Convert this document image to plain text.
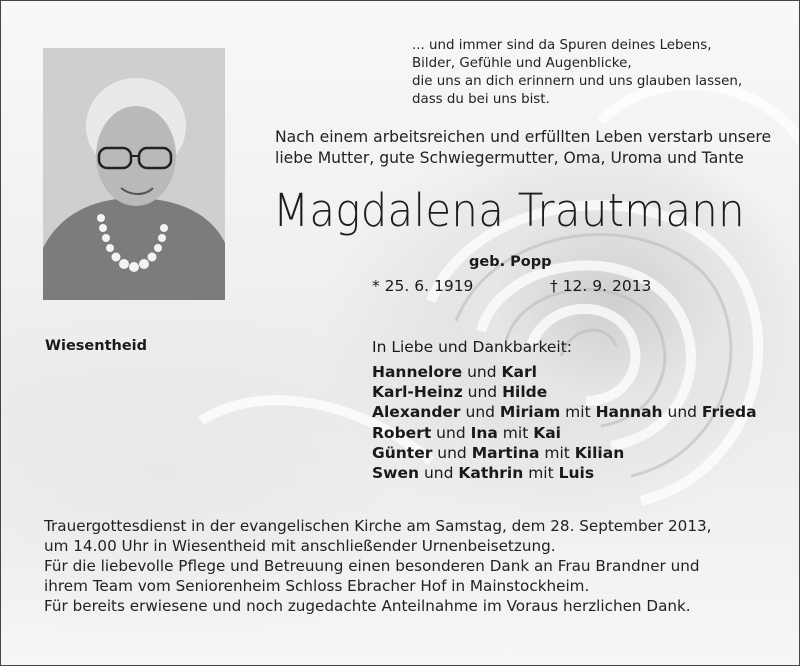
... und immer sind da Spuren deines Lebens,
Bilder, Gefühle und Augenblicke,
die uns an dich erinnern und uns glauben lassen,
dass du bei uns bist.
Nach einem arbeitsreichen und erfüllten Leben verstarb unsere
liebe Mutter, gute Schwiegermutter, Oma, Uroma und Tante
Magdalena Trautmann
geb. Popp
* 25. 6. 1919	† 12. 9. 2013
Wiesentheid	In Liebe und Dankbarkeit:
Hannelore und Karl
Karl-Heinz und Hilde
Alexander und Miriam mit Hannah und Frieda
Robert und Ina mit Kai
Günter und Martina mit Kilian
Swen und Kathrin mit Luis
Trauergottesdienst in der evangelischen Kirche am Samstag, dem 28. September 2013,
um 14.00 Uhr in Wiesentheid mit anschließender Urnenbeisetzung.
Für die liebevolle Pflege und Betreuung einen besonderen Dank an Frau Brandner und
ihrem Team vom Seniorenheim Schloss Ebracher Hof in Mainstockheim.
Für bereits erwiesene und noch zugedachte Anteilnahme im Voraus herzlichen Dank.
